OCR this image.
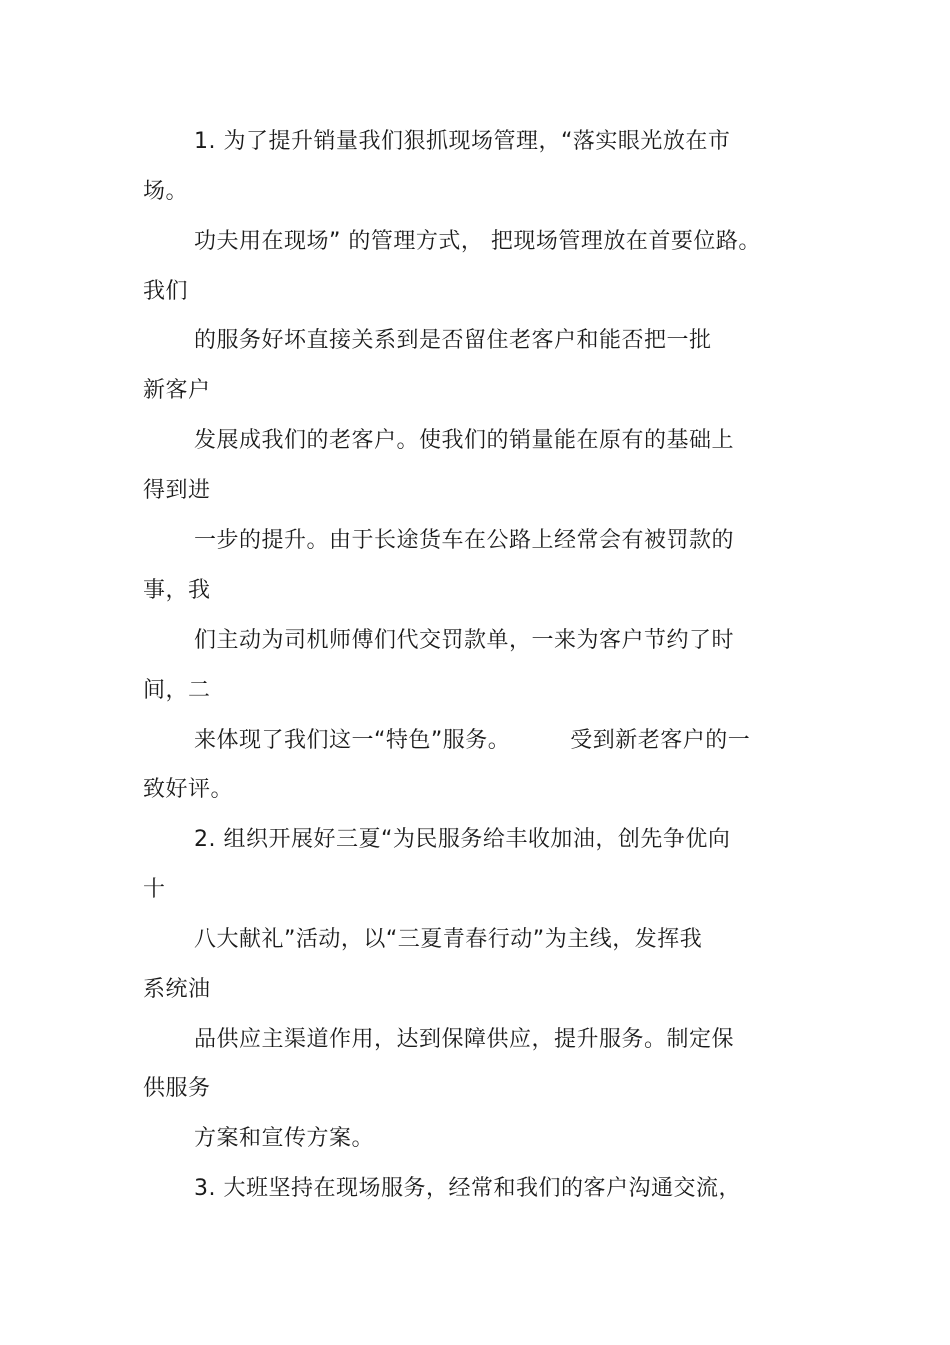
1. 为了提升销量我们狠抓现场管理，“落实眼光放在市
场。
功夫用在现场” 的管理方式， 把现场管理放在首要位路。
我们
的服务好坏直接关系到是否留住老客户和能否把一批
新客户
发展成我们的老客户。使我们的销量能在原有的基础上
得到进
一步的提升。由于长途货车在公路上经常会有被罚款的
事，我
们主动为司机师傅们代交罚款单，一来为客户节约了时
间，二
来体现了我们这一“特色”服务。        受到新老客户的一
致好评。
2. 组织开展好三夏“为民服务给丰收加油，创先争优向
十
八大献礼”活动，以“三夏青春行动”为主线，发挥我
系统油
品供应主渠道作用，达到保障供应，提升服务。制定保
供服务
方案和宣传方案。
3. 大班坚持在现场服务，经常和我们的客户沟通交流，
